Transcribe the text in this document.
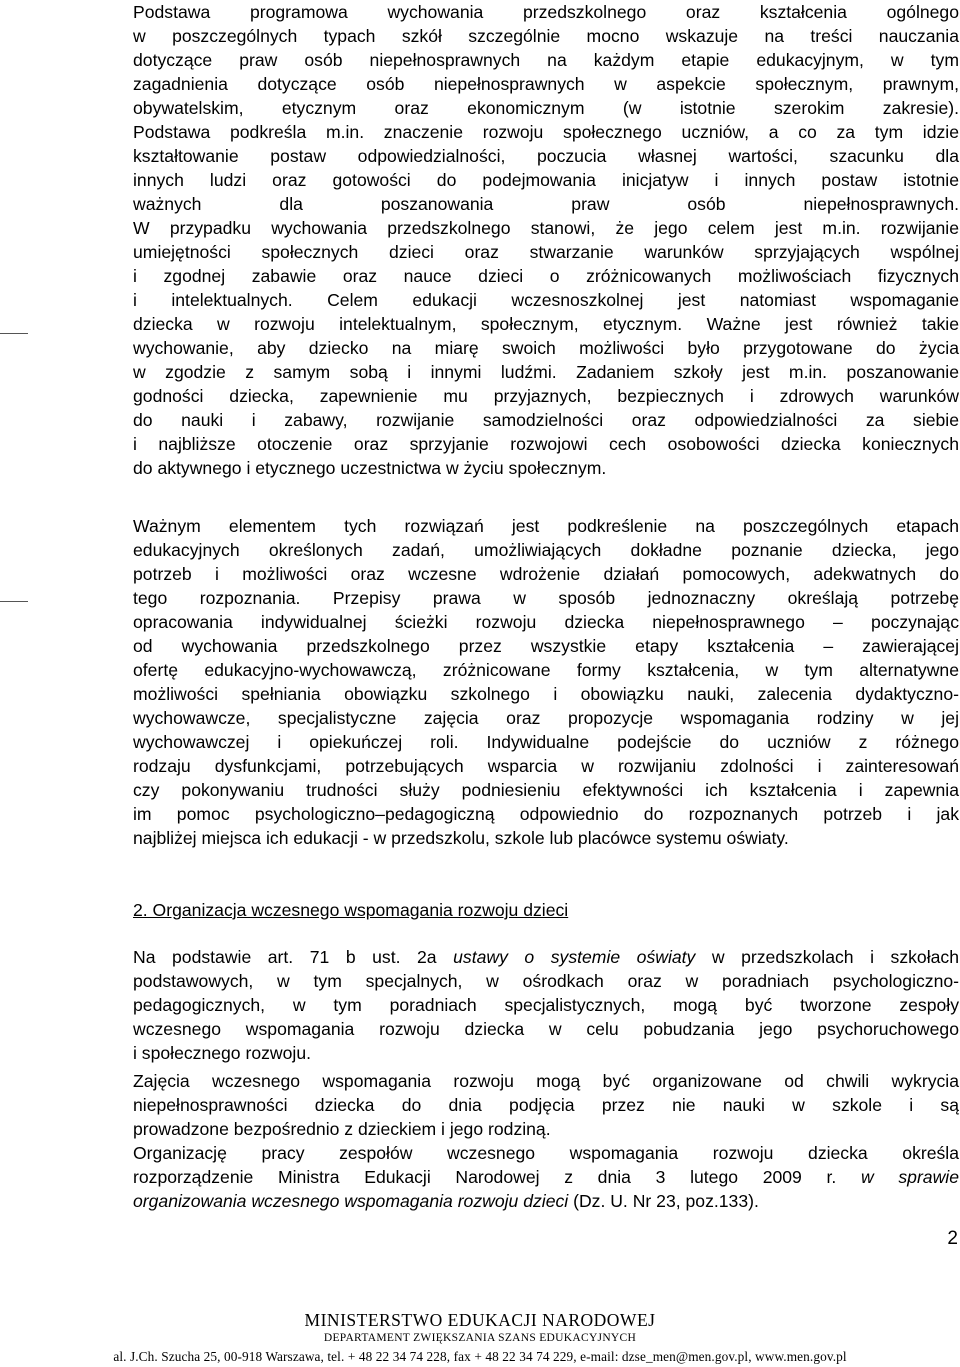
Podstawa programowa wychowania przedszkolnego oraz kształcenia ogólnego
w poszczególnych typach szkół szczególnie mocno wskazuje na treści nauczania
dotyczące praw osób niepełnosprawnych na każdym etapie edukacyjnym, w tym
zagadnienia dotyczące osób niepełnosprawnych w aspekcie społecznym, prawnym,
obywatelskim, etycznym oraz ekonomicznym (w istotnie szerokim zakresie).
Podstawa podkreśla m.in. znaczenie rozwoju społecznego uczniów, a co za tym idzie
kształtowanie postaw odpowiedzialności, poczucia własnej wartości, szacunku dla
innych ludzi oraz gotowości do podejmowania inicjatyw i innych postaw istotnie
ważnych dla poszanowania praw osób niepełnosprawnych.
W przypadku wychowania przedszkolnego stanowi, że jego celem jest m.in. rozwijanie
umiejętności społecznych dzieci oraz stwarzanie warunków sprzyjających wspólnej
i zgodnej zabawie oraz nauce dzieci o zróżnicowanych możliwościach fizycznych
i intelektualnych. Celem edukacji wczesnoszkolnej jest natomiast wspomaganie
dziecka w rozwoju intelektualnym, społecznym, etycznym. Ważne jest również takie
wychowanie, aby dziecko na miarę swoich możliwości było przygotowane do życia
w zgodzie z samym sobą i innymi ludźmi. Zadaniem szkoły jest m.in. poszanowanie
godności dziecka, zapewnienie mu przyjaznych, bezpiecznych i zdrowych warunków
do nauki i zabawy, rozwijanie samodzielności oraz odpowiedzialności za siebie
i najbliższe otoczenie oraz sprzyjanie rozwojowi cech osobowości dziecka koniecznych
do aktywnego i etycznego uczestnictwa w życiu społecznym.
Ważnym elementem tych rozwiązań jest podkreślenie na poszczególnych etapach
edukacyjnych określonych zadań, umożliwiających dokładne poznanie dziecka, jego
potrzeb i możliwości oraz wczesne wdrożenie działań pomocowych, adekwatnych do
tego rozpoznania. Przepisy prawa w sposób jednoznaczny określają potrzebę
opracowania indywidualnej ścieżki rozwoju dziecka niepełnosprawnego – poczynając
od wychowania przedszkolnego przez wszystkie etapy kształcenia – zawierającej
ofertę edukacyjno-wychowawczą, zróżnicowane formy kształcenia, w tym alternatywne
możliwości spełniania obowiązku szkolnego i obowiązku nauki, zalecenia dydaktyczno-
wychowawcze, specjalistyczne zajęcia oraz propozycje wspomagania rodziny w jej
wychowawczej i opiekuńczej roli. Indywidualne podejście do uczniów z różnego
rodzaju dysfunkcjami, potrzebujących wsparcia w rozwijaniu zdolności i zainteresowań
czy pokonywaniu trudności służy podniesieniu efektywności ich kształcenia i zapewnia
im pomoc psychologiczno–pedagogiczną odpowiednio do rozpoznanych potrzeb i jak
najbliżej miejsca ich edukacji - w przedszkolu, szkole lub placówce systemu oświaty.
2. Organizacja wczesnego wspomagania rozwoju dzieci
Na podstawie art. 71 b ust. 2a ustawy o systemie oświaty w przedszkolach i szkołach
podstawowych, w tym specjalnych, w ośrodkach oraz w poradniach psychologiczno-
pedagogicznych, w tym poradniach specjalistycznych, mogą być tworzone zespoły
wczesnego wspomagania rozwoju dziecka w celu pobudzania jego psychoruchowego
i społecznego rozwoju.
Zajęcia wczesnego wspomagania rozwoju mogą być organizowane od chwili wykrycia
niepełnosprawności dziecka do dnia podjęcia przez nie nauki w szkole i są
prowadzone bezpośrednio z dzieckiem i jego rodziną.
Organizację pracy zespołów wczesnego wspomagania rozwoju dziecka określa
rozporządzenie Ministra Edukacji Narodowej z dnia 3 lutego 2009 r. w sprawie
organizowania wczesnego wspomagania rozwoju dzieci (Dz. U. Nr 23, poz.133).
2
MINISTERSTWO EDUKACJI NARODOWEJ
DEPARTAMENT ZWIĘKSZANIA SZANS EDUKACYJNYCH
al. J.Ch. Szucha 25, 00-918 Warszawa, tel. + 48 22 34 74 228, fax + 48 22 34 74 229, e-mail: dzse_men@men.gov.pl, www.men.gov.pl
